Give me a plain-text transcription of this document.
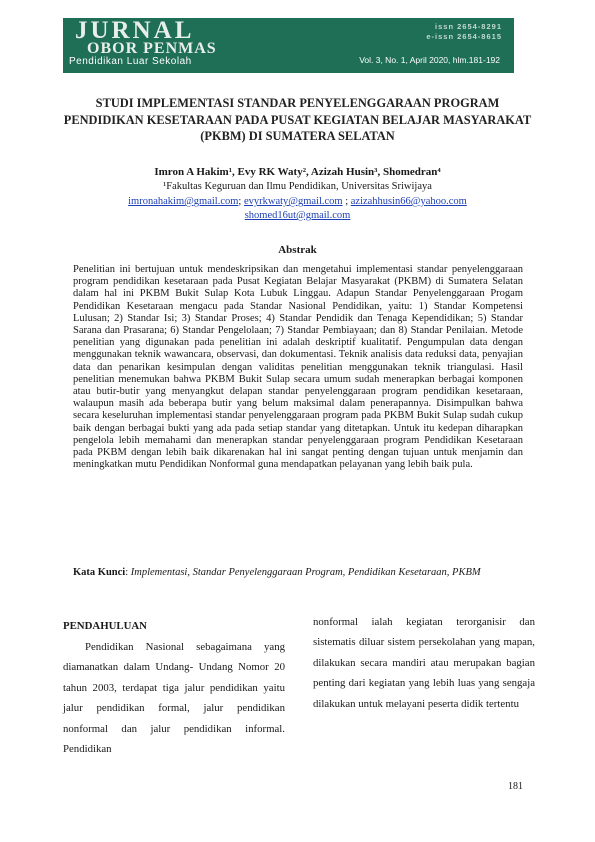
JURNAL
OBOR PENMAS
Pendidikan Luar Sekolah
issn 2654-8291
e-issn 2654-8615
Vol. 3, No. 1, April 2020, hlm.181-192
STUDI IMPLEMENTASI STANDAR PENYELENGGARAAN PROGRAM PENDIDIKAN KESETARAAN PADA PUSAT KEGIATAN BELAJAR MASYARAKAT (PKBM) DI SUMATERA SELATAN
Imron A Hakim¹, Evy RK Waty², Azizah Husin³, Shomedran⁴
¹Fakultas Keguruan dan Ilmu Pendidikan, Universitas Sriwijaya
imronahakim@gmail.com; evyrkwaty@gmail.com ; azizahhusin66@yahoo.com
shomed16ut@gmail.com
Abstrak
Penelitian ini bertujuan untuk mendeskripsikan dan mengetahui implementasi standar penyelenggaraan program pendidikan kesetaraan pada Pusat Kegiatan Belajar Masyarakat (PKBM) di Sumatera Selatan dalam hal ini PKBM Bukit Sulap Kota Lubuk Linggau. Adapun Standar Penyelenggaraan Progam Pendidikan Kesetaraan mengacu pada Standar Nasional Pendidikan, yaitu: 1) Standar Kompetensi Lulusan; 2) Standar Isi; 3) Standar Proses; 4) Standar Pendidik dan Tenaga Kependidikan; 5) Standar Sarana dan Prasarana; 6) Standar Pengelolaan; 7) Standar Pembiayaan; dan 8) Standar Penilaian. Metode penelitian yang digunakan pada penelitian ini adalah deskriptif kualitatif. Pengumpulan data dengan menggunakan teknik wawancara, observasi, dan dokumentasi. Teknik analisis data reduksi data, penyajian data dan penarikan kesimpulan dengan validitas penelitian menggunakan teknik triangulasi. Hasil penelitian menemukan bahwa PKBM Bukit Sulap secara umum sudah menerapkan berbagai komponen atau butir-butir yang menyangkut delapan standar penyelenggaraan program pendidikan kesetaraan, walaupun masih ada beberapa butir yang belum maksimal dalam penerapannya. Disimpulkan bahwa secara keseluruhan implementasi standar penyelenggaraan program pada PKBM Bukit Sulap sudah cukup baik dengan berbagai bukti yang ada pada setiap standar yang ditetapkan. Untuk itu kedepan diharapkan pengelola lebih memahami dan menerapkan standar penyelenggaraan program Pendidikan Kesetaraan pada PKBM dengan lebih baik dikarenakan hal ini sangat penting dengan tujuan untuk menjamin dan meningkatkan mutu Pendidikan Nonformal guna mendapatkan pelayanan yang lebih baik pula.
Kata Kunci: Implementasi, Standar Penyelenggaraan Program, Pendidikan Kesetaraan, PKBM
PENDAHULUAN
Pendidikan Nasional sebagaimana yang diamanatkan dalam Undang- Undang Nomor 20 tahun 2003, terdapat tiga jalur pendidikan yaitu jalur pendidikan formal, jalur pendidikan nonformal dan jalur pendidikan informal. Pendidikan
nonformal ialah kegiatan terorganisir dan sistematis diluar sistem persekolahan yang mapan, dilakukan secara mandiri atau merupakan bagian penting dari kegiatan yang lebih luas yang sengaja dilakukan untuk melayani peserta didik tertentu
181
